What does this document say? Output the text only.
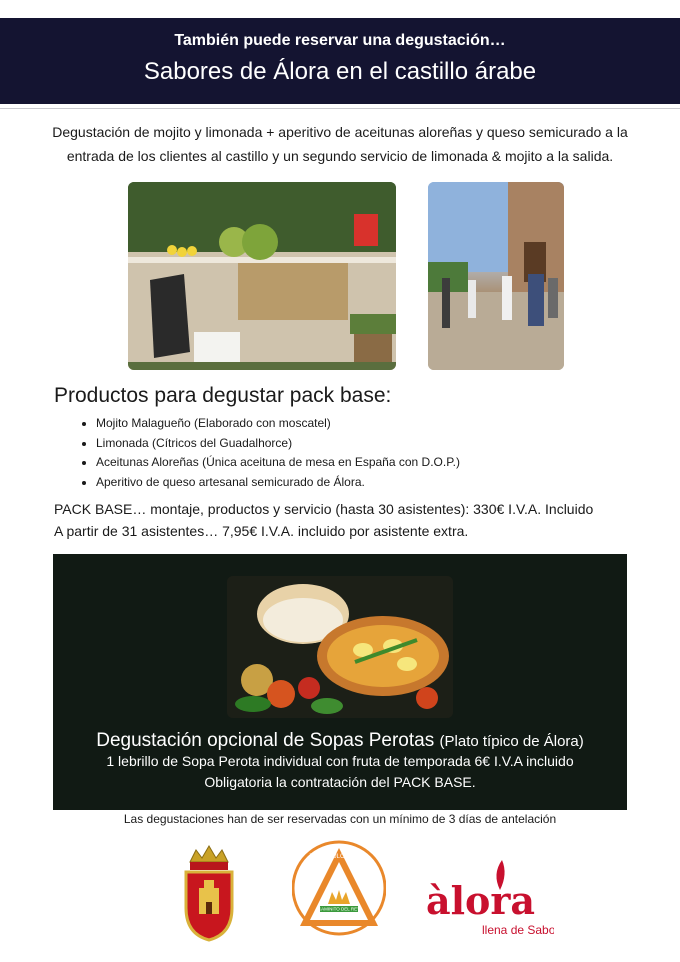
También puede reservar una degustación…
Sabores de Álora en el castillo árabe
Degustación de mojito y limonada + aperitivo de aceitunas aloreñas y queso semicurado a la entrada de los clientes al castillo y un segundo servicio de limonada & mojito a la salida.
Productos para degustar pack base:
• Mojito Malagueño (Elaborado con moscatel)
• Limonada (Cítricos del Guadalhorce)
• Aceitunas Aloreñas (Única aceituna de mesa en España con D.O.P.)
• Aperitivo de queso artesanal semicurado de Álora.
PACK BASE… montaje, productos y servicio (hasta 30 asistentes): 330€ I.V.A. Incluido
A partir de 31 asistentes… 7,95€ I.V.A. incluido por asistente extra.
Degustación opcional de Sopas Perotas (Plato típico de Álora)
1 lebrillo de Sopa Perota individual con fruta de temporada 6€ I.V.A incluido
Obligatoria la contratación del PACK BASE.
Las degustaciones han de ser reservadas con un mínimo de 3 días de antelación
CAMINITO DEL REY
TRIÁNGULO ACTIVO
àlora
llena de Sabor
